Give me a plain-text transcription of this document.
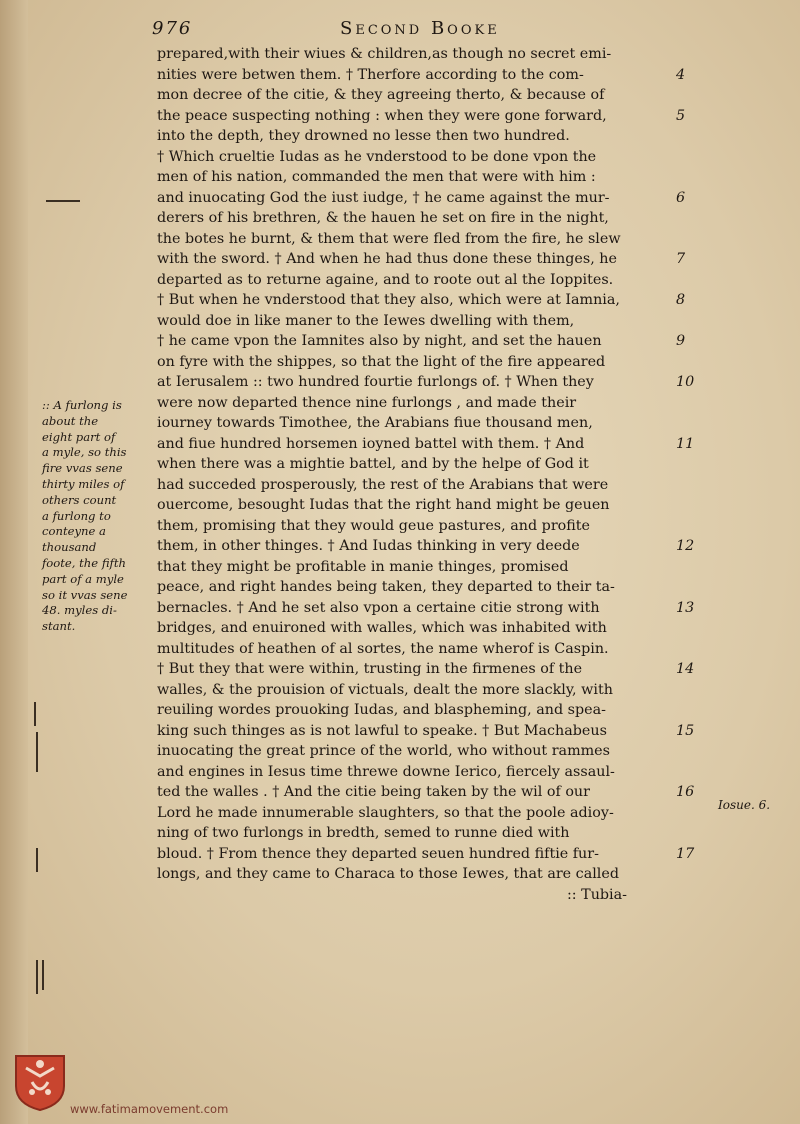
976	Second Booke
:: A furlong is
about the
eight part of
a myle, so this
fire vvas sene
thirty miles of
others count
a furlong to
conteyne a
thousand
foote, the fifth
part of a myle
so it vvas sene
48. myles di-
stant.
prepared,with their wiues & children,as though no secret emi-
nities were betwen them. † Therfore according to the com-
mon decree of the citie, & they agreeing therto, & because of
the peace suspecting nothing : when they were gone forward,
into the depth, they drowned no lesse then two hundred.
† Which crueltie Iudas as he vnderstood to be done vpon the
men of his nation, commanded the men that were with him :
and inuocating God the iust iudge, † he came against the mur-
derers of his brethren, & the hauen he set on fire in the night,
the botes he burnt, & them that were fled from the fire, he slew
with the sword. † And when he had thus done these thinges, he
departed as to returne againe, and to roote out al the Ioppites.
† But when he vnderstood that they also, which were at Iamnia,
would doe in like maner to the Iewes dwelling with them,
† he came vpon the Iamnites also by night, and set the hauen
on fyre with the shippes, so that the light of the fire appeared
at Ierusalem :: two hundred fourtie furlongs of. † When they
were now departed thence nine furlongs , and made their
iourney towards Timothee, the Arabians fiue thousand men,
and fiue hundred horsemen ioyned battel with them. † And
when there was a mightie battel, and by the helpe of God it
had succeded prosperously, the rest of the Arabians that were
ouercome, besought Iudas that the right hand might be geuen
them, promising that they would geue pastures, and profite
them, in other thinges. † And Iudas thinking in very deede
that they might be profitable in manie thinges, promised
peace, and right handes being taken, they departed to their ta-
bernacles. † And he set also vpon a certaine citie strong with
bridges, and enuironed with walles, which was inhabited with
multitudes of heathen of al sortes, the name wherof is Caspin.
† But they that were within, trusting in the firmenes of the
walles, & the prouision of victuals, dealt the more slackly, with
reuiling wordes prouoking Iudas, and blaspheming, and spea-
king such thinges as is not lawful to speake. † But Machabeus
inuocating the great prince of the world, who without rammes
and engines in Iesus time threwe downe Ierico, fiercely assaul-
ted the walles . † And the citie being taken by the wil of our
Lord he made innumerable slaughters, so that the poole adioy-
ning of two furlongs in bredth, semed to runne died with
bloud. † From thence they departed seuen hundred fiftie fur-
longs, and they came to Characa to those Iewes, that are called
:: Tubia-
4
5
6
7
8
9
10
11
12
13
14
15
16
17
Iosue. 6.
www.fatimamovement.com
